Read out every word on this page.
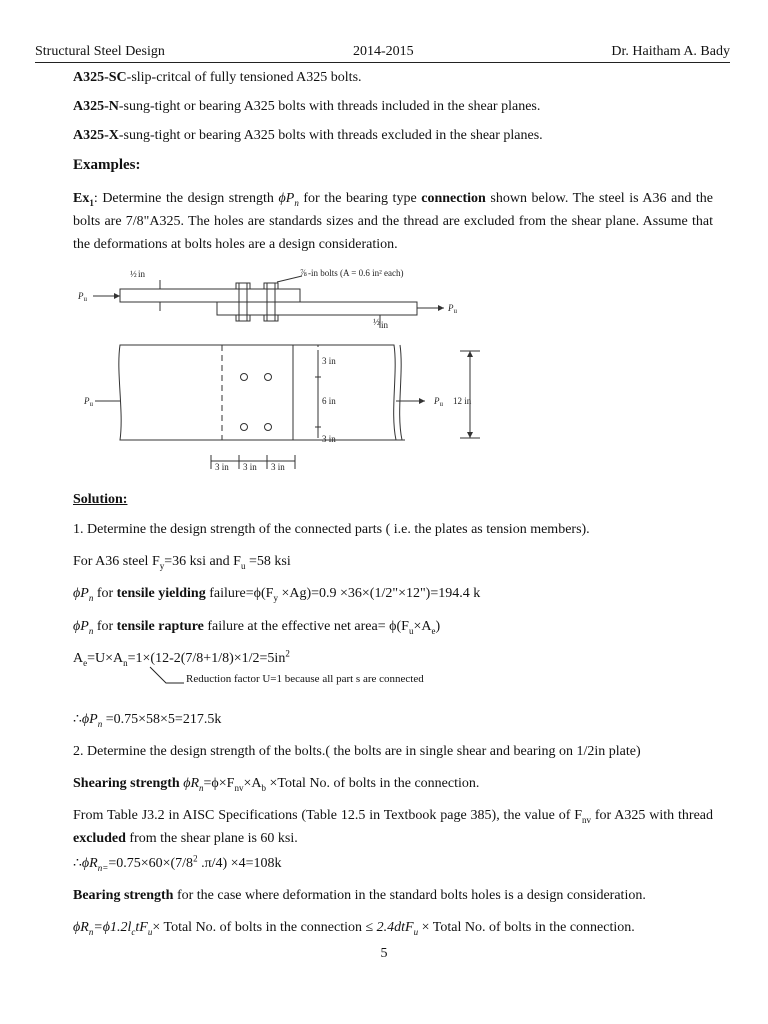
Structural Steel Design	2014-2015	Dr. Haitham A. Bady
A325-SC-slip-critcal of fully tensioned A325 bolts.
A325-N-sung-tight or bearing A325 bolts with threads included in the shear planes.
A325-X-sung-tight or bearing A325 bolts with threads excluded in the shear planes.
Examples:
$Ex_1$: Determine the design strength $\phi P_n$ for the bearing type connection shown below. The steel is A36 and the bolts are 7/8"A325. The holes are standards sizes and the thread are excluded from the shear plane. Assume that the deformations at bolts holes are a design consideration.
½ in	⅞ -in bolts (A = 0.6 in² each)
$P_u$
$P_u$
½ in
$P_u$	$P_u$ 12 in
3 in
6 in
3 in
3 in 3 in 3 in
Solution:
1. Determine the design strength of the connected parts ( i.e. the plates as tension members).
For A36 steel $F_y=36$ ksi and $F_u =58$ ksi
$\phi P_n$ for tensile yielding $failure=\phi(F_y \times Ag)=0.9$ ×36×(1/2"×12")=194.4 k
$\phi P_n$ for tensile rapture failure at the effective net area= $\phi(F_u\times A_e)$
$A_e=U\times A_n=1\times(12-2(7/8+1/8)\times 1/2=5in^2$
Reduction factor U=1 because all part s are connected
$\therefore\phi P_n =0.75\times 58\times 5=217.5k$
2. Determine the design strength of the bolts.( the bolts are in single shear and bearing on 1/2in plate)
Shearing strength $\phi R_n=\phi\times F_{nv}\times A_b$ ×Total No. of bolts in the connection.
From Table J3.2 in AISC Specifications (Table 12.5 in Textbook page 385), the value of $F_{nv}$ for A325 with thread excluded from the shear plane is 60 ksi.
$\therefore\phi R_{n=}=0.75\times 60\times(7/8^2$ .π/4) ×4=108k
Bearing strength for the case where deformation in the standard bolts holes is a design consideration.
$\phi R_n=\phi 1.2l_ctF_u\times$ Total No. of bolts in the connection ≤ 2.4dtF$_u$ × Total No. of bolts in the connection.
5
